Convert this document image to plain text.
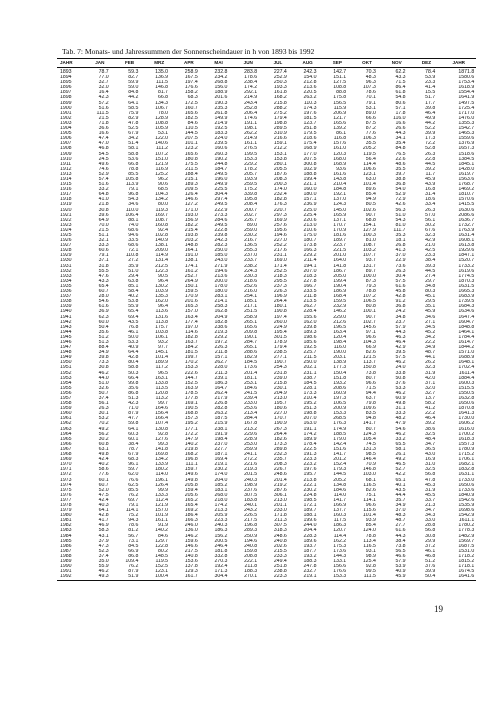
Tab. 7: Monats- und Jahressummen der Sonnenscheindauer in h von 1893 bis 1992
JAHR	JAN	FEB	MRZ	APR	MAI	JUN	JUL	AUG	SEP	OKT	NOV	DEZ	JAHR
1893	78.7	59.3	135.0	258.9	232.8	283.8	227.4	242.3	142.7	70.3	62.2	78.4	1871.8
1894	77.0	82.7	136.9	167.5	234.2	178.6	252.9	154.0	151.1	48.3	43.3	53.9	1580.6
1895	32.7	59.9	111.5	197.4	268.8	238.4	250.3	212.8	127.5	96.3	71.5	23.3	1753.4
1896	32.0	59.0	146.8	176.6	156.0	174.2	193.3	213.6	108.8	107.3	86.4	41.4	1618.9
1897	16.4	84.8	81.7	158.2	188.9	292.1	161.8	220.5	88.8	78.6	61.8	15.5	1554.4
1898	42.3	44.2	66.8	68.3	201.6	214.9	168.2	263.2	175.8	70.1	54.8	51.7	1641.9
1899	57.2	64.1	134.3	172.5	190.3	243.4	215.8	110.3	156.5	79.1	80.6	17.7	1497.5
1900	51.6	58.5	106.7	160.7	235.3	252.8	288.2	174.3	115.9	53.1	57.1	39.8	1725.4
1901	111.5	75.9	78.0	165.6	261.8	206.4	275.2	197.6	206.9	89.0	17.8	46.4	1717.0
1902	21.5	82.9	128.9	182.5	149.9	174.6	179.4	181.5	121.7	66.6	116.0	49.9	1476.0
1903	71.8	47.8	108.8	84.6	214.9	191.1	198.8	123.7	165.6	87.5	16.6	44.2	1355.3
1904	36.6	52.5	105.9	110.5	192.5	198.1	289.5	251.8	139.2	87.2	26.6	52.2	1542.7
1905	16.6	67.9	53.1	144.5	183.3	262.2	310.9	179.5	86.1	77.6	44.3	39.9	1465.3
1906	47.4	34.2	122.0	207.5	224.0	214.9	216.6	218.6	116.8	106.3	34.1	17.3	1559.6
1907	47.0	51.4	140.6	101.1	239.5	161.1	159.1	175.4	157.6	35.5	35.4	72.2	1376.9
1908	46.8	58.1	111.2	123.2	160.6	276.5	212.2	168.9	161.0	205.2	84.8	52.8	1657.3
1909	54.5	58.8	107.2	165.6	260.3	199.5	153.1	177.0	120.3	119.5	76.5	26.3	1518.6
1910	24.5	53.6	151.0	180.8	190.2	153.3	153.8	207.5	168.0	56.4	22.6	22.8	1384.5
1911	49.6	66.8	121.9	175.5	244.8	229.2	280.1	300.8	168.9	114.4	48.6	44.5	1845.1
1912	74.6	78.8	116.9	211.5	184.7	178.2	205.5	102.9	93.6	106.6	35.5	39.2	1428.0
1913	52.9	85.5	125.2	188.4	249.5	205.7	187.6	188.8	161.6	123.1	39.7	11.7	1619.7
1914	57.4	105.8	96.2	215.1	196.0	193.9	208.3	199.4	143.8	63.0	38.8	45.9	1563.6
1915	51.6	113.9	90.6	189.3	249.9	259.5	200.3	221.1	210.4	101.4	36.8	43.9	1768.7
1916	33.2	79.1	68.5	209.5	225.5	175.2	174.0	160.0	184.8	89.6	54.0	16.8	1469.2
1917	64.8	96.8	104.3	126.4	304.4	339.8	232.4	180.0	192.1	85.4	52.9	31.4	1810.7
1918	41.0	54.3	134.2	146.6	297.4	195.8	182.8	157.1	137.0	94.9	72.9	18.6	1570.6
1919	21.8	34.6	80.0	127.2	249.5	208.4	176.3	236.9	124.3	80.5	42.6	33.4	1415.5
1920	30.8	110.0	119.3	171.0	222.9	200.7	220.7	225.0	145.0	102.6	56.3	26.3	1630.6
1921	39.6	106.4	169.7	193.0	273.3	202.7	297.3	225.4	165.9	90.7	51.0	57.0	2086.6
1922	64.9	88.1	108.7	156.9	284.6	226.7	169.9	220.6	137.1	68.8	54.3	56.1	1636.7
1923	70.0	74.0	160.8	182.2	249.5	89.0	257.6	213.0	170.7	154.1	81.0	30.2	1732.7
1924	21.5	68.6	92.4	215.4	222.8	259.0	195.6	210.6	170.9	127.9	111.7	67.6	1763.9
1925	51.1	94.6	102.8	193.8	239.8	230.2	194.6	175.0	181.6	100.3	35.3	32.3	1631.4
1926	32.1	33.5	140.9	203.2	242.3	216.7	227.0	180.7	189.7	81.0	18.1	42.9	1608.1
1927	33.3	68.6	138.1	148.8	282.3	136.5	252.2	173.8	223.7	108.7	26.8	21.0	1613.8
1928	60.6	72.1	209.0	164.1	250.0	255.3	217.6	166.3	221.5	103.2	41.3	42.5	1929.6
1929	79.1	110.8	114.9	191.0	185.0	237.0	231.1	229.2	201.0	107.7	37.0	23.3	1847.1
1930	37.1	27.2	131.4	138.1	243.0	233.7	169.0	211.4	164.0	93.7	22.9	38.4	1520.7
1931	31.8	35.9	212.5	174.1	271.9	238.2	171.4	194.1	141.8	131.7	73.6	39.3	1733.2
1932	55.5	51.0	122.3	161.2	194.6	224.3	252.5	207.0	186.7	89.7	26.3	44.5	1619.6
1933	47.6	29.4	90.5	252.7	213.6	230.3	218.3	218.3	205.0	100.0	30.4	27.4	1774.5
1934	43.3	63.8	96.4	264.9	200.0	218.6	295.5	227.8	199.4	87.3	57.5	29.7	1870.3
1935	65.4	85.1	130.2	150.1	178.0	252.6	237.3	166.7	190.4	79.3	61.6	34.8	1631.5
1936	60.7	58.4	103.9	159.5	180.0	216.0	226.3	233.5	186.9	78.8	45.8	80.3	1665.3
1937	28.0	40.2	135.3	170.9	283.1	254.1	196.9	211.8	168.4	107.2	42.8	45.1	1683.9
1938	54.6	53.8	162.0	201.6	214.1	185.1	264.4	213.5	159.5	106.5	91.2	29.5	1739.5
1939	61.6	55.9	96.4	165.3	258.3	217.1	180.1	262.7	232.9	80.8	36.8	35.1	1684.3
1940	36.9	65.4	113.6	157.0	162.8	251.5	190.8	228.4	146.2	100.1	24.2	45.9	1634.6
1941	62.3	69.4	131.6	163.4	204.9	258.9	197.4	155.6	229.0	90.7	34.8	34.6	1647.4
1942	60.0	43.5	113.8	177.4	182.8	265.1	260.0	162.0	212.6	102.7	23.7	27.1	1604.7
1943	50.4	76.8	175.7	197.0	238.6	165.6	224.9	239.8	196.5	145.6	57.9	34.5	1848.8
1944	35.6	46.1	103.8	114.6	219.3	209.8	195.4	189.3	163.4	97.1	44.3	45.2	1464.1
1945	51.2	50.0	106.1	182.8	229.2	190.1	301.5	198.6	120.4	96.6	46.3	34.2	1784.4
1946	51.3	53.3	93.2	163.7	197.2	284.7	178.9	185.6	198.4	104.3	46.4	22.2	1614.7
1947	88.4	40.9	97.7	184.2	226.3	265.1	179.4	192.5	116.0	66.9	42.9	34.9	1844.2
1948	34.9	64.4	145.1	181.5	211.8	288.6	238.5	225.7	190.0	82.6	39.5	48.7	1571.0
1949	39.8	42.8	101.4	199.7	157.1	182.9	277.1	211.5	203.1	121.5	57.5	44.1	1688.9
1950	73.3	80.4	189.9	170.2	262.7	184.5	190.7	250.0	138.9	113.7	46.2	26.2	1648.1
1951	30.8	58.8	117.2	153.3	228.0	173.6	254.3	202.1	177.3	150.8	24.0	32.3	1702.4
1952	46.2	50.3	96.5	222.6	211.3	201.4	231.8	231.1	150.4	73.8	33.8	31.9	1611.4
1953	44.0	66.4	163.1	144.7	239.1	181.1	239.0	238.7	151.8	80.7	50.8	42.0	1884.4
1954	51.0	99.8	133.8	152.5	186.3	253.1	215.8	184.5	193.2	96.6	37.6	37.1	1600.3
1955	32.6	35.6	113.5	163.9	164.7	184.6	230.1	228.1	208.6	71.5	53.3	32.0	1515.5
1956	50.7	86.8	120.8	178.5	262.4	241.5	204.9	173.3	160.9	94.4	46.2	32.7	1550.5
1957	37.4	51.3	113.2	177.8	217.9	239.4	213.0	210.4	197.3	63.7	60.9	13.7	1632.8
1958	56.1	42.3	99.7	169.1	226.8	233.0	195.7	195.2	106.5	79.8	49.8	58.2	1650.6
1959	26.3	71.0	164.6	190.5	282.8	253.6	180.6	251.3	200.9	109.6	31.1	41.2	1870.8
1960	30.1	87.9	156.4	168.8	263.2	213.4	227.0	198.8	153.3	83.5	33.3	22.2	1641.3
1961	53.2	47.7	166.4	157.3	187.5	284.4	170.7	207.0	268.5	94.8	48.2	46.4	1730.0
1962	70.2	59.8	107.4	195.2	215.9	167.8	190.9	163.0	176.3	141.7	47.9	39.2	1606.2
1963	49.2	64.1	130.8	177.1	238.1	213.2	267.3	191.1	174.9	80.7	54.6	38.6	1616.0
1964	56.2	60.3	92.8	172.2	191.9	229.6	264.4	174.2	188.5	124.3	46.2	32.5	1700.2
1965	30.2	60.1	127.6	147.9	198.4	228.9	182.6	189.9	179.0	105.4	33.2	48.4	1618.3
1966	60.8	38.4	99.3	140.2	237.0	253.0	173.3	178.4	142.4	74.5	65.5	34.7	1557.3
1967	63.1	78.7	141.8	219.8	227.7	259.9	289.8	222.5	151.6	131.3	58.1	36.5	1780.9
1968	49.8	67.9	169.8	168.2	187.1	241.1	232.3	191.3	141.7	98.5	26.1	43.0	1715.2
1969	42.4	68.3	134.2	196.8	169.4	272.2	235.7	223.3	201.2	146.4	49.2	16.9	1706.1
1970	40.2	96.1	133.9	111.1	219.1	221.6	208.3	223.2	152.4	70.9	46.5	31.0	1682.1
1971	58.6	59.7	180.2	159.7	230.2	219.3	226.7	197.6	179.3	146.8	52.7	32.5	1832.8
1972	77.6	62.0	114.0	149.6	174.0	201.5	248.6	195.7	144.5	103.0	42.2	56.8	1631.1
1973	60.1	76.6	196.1	149.8	204.0	240.3	201.4	213.8	205.2	68.1	65.1	47.8	1733.0
1974	60.7	62.5	126.4	205.8	185.2	198.9	219.2	222.1	134.8	116.5	40.1	45.3	1650.6
1975	52.0	85.5	99.9	159.4	183.1	237.6	287.6	230.2	184.6	82.6	43.5	31.9	1733.6
1976	47.5	76.2	133.3	205.6	268.0	307.5	306.1	224.8	114.0	75.1	44.4	45.5	1840.9
1977	42.4	69.7	112.4	165.2	218.0	183.8	213.0	198.5	141.7	114.1	35.7	33.7	1542.6
1978	40.3	79.1	121.9	165.4	174.2	240.1	201.1	172.1	166.9	96.6	34.9	21.3	1535.9
1979	64.1	114.1	157.0	169.2	213.3	243.2	233.0	189.7	137.7	115.6	37.0	34.7	1698.6
1980	42.8	75.2	101.9	186.4	205.9	226.5	171.8	188.1	160.3	101.4	48.3	34.3	1542.9
1981	41.7	94.3	161.1	166.3	223.3	217.5	211.3	199.6	117.5	93.9	48.7	33.0	1611.1
1982	46.9	78.6	91.9	246.0	240.3	196.8	307.5	244.0	186.3	85.4	27.7	28.8	1780.2
1983	58.3	81.2	140.2	136.0	186.3	289.3	318.3	204.4	120.7	124.0	61.6	56.8	1778.3
1984	43.1	56.7	84.6	146.2	156.2	250.9	248.6	228.3	114.4	78.8	44.3	30.8	1482.9
1985	37.9	73.1	129.7	159.6	200.5	194.6	240.8	189.6	162.2	113.4	38.4	29.9	1569.7
1986	47.3	84.5	122.8	146.6	246.4	240.8	202.6	193.7	175.3	116.5	73.8	37.2	1687.5
1987	52.3	66.9	80.2	217.5	181.8	159.8	215.5	187.7	173.6	93.1	56.5	46.1	1531.0
1988	37.4	86.8	148.5	140.8	332.8	208.8	233.3	193.2	144.3	98.9	46.6	46.8	1718.2
1989	35.0	109.4	119.5	153.6	270.3	222.1	249.4	188.3	133.1	125.4	57.9	51.2	1815.2
1990	55.9	76.2	152.5	137.8	192.4	211.8	251.8	247.8	156.6	92.8	53.9	37.6	1718.1
1991	46.2	87.9	123.1	129.3	171.3	188.3	238.8	232.7	176.6	99.5	40.9	39.9	1674.5
1992	49.3	51.9	100.4	161.7	304.4	270.1	223.3	219.1	153.3	111.5	45.9	50.4	1641.6
19
